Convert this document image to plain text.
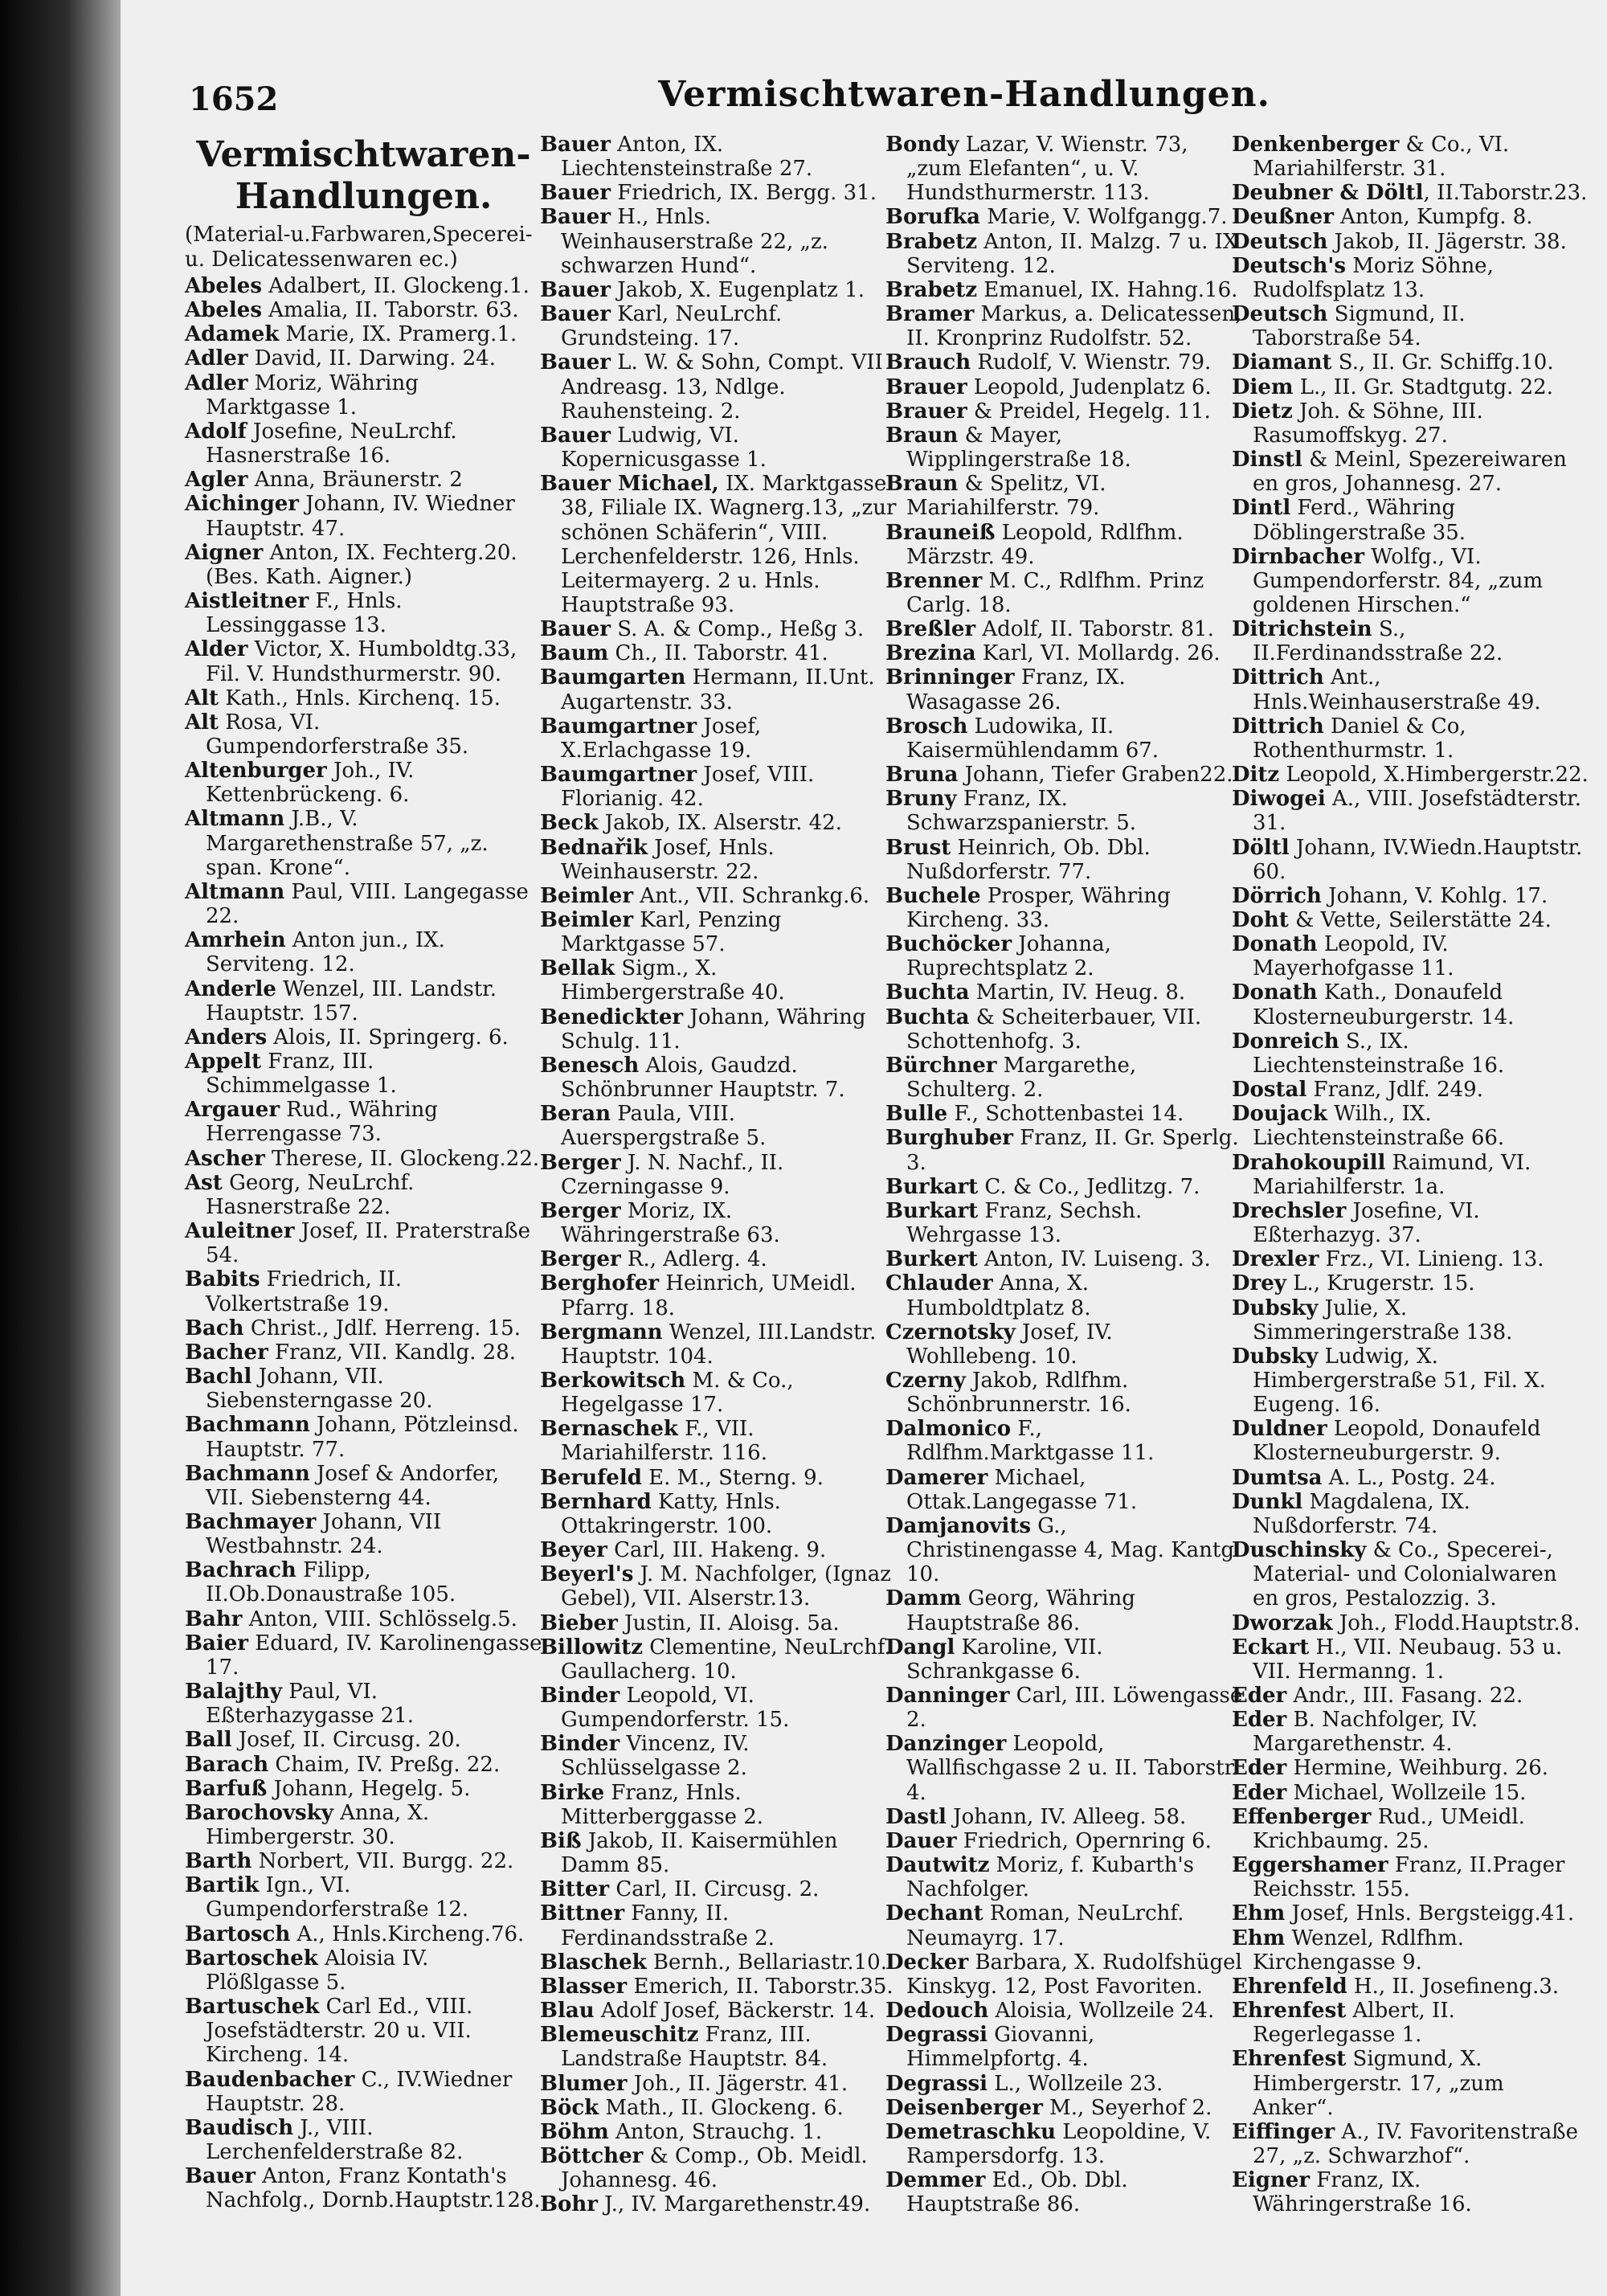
1652	Vermischtwaren-Handlungen.
Vermischtwaren-Handlungen.
(Material-u.Farbwaren,Specerei-u. Delicatessenwaren ec.)
Abeles Adalbert, II. Glockeng.1.
Abeles Amalia, II. Taborstr. 63.
Adamek Marie, IX. Pramerg.1.
Adler David, II. Darwing. 24.
Adler Moriz, Währing Marktgasse 1.
Adolf Josefine, NeuLrchf. Hasnerstraße 16.
Agler Anna, Bräunerstr. 2
Aichinger Johann, IV. Wiedner Hauptstr. 47.
Aigner Anton, IX. Fechterg.20. (Bes. Kath. Aigner.)
Aistleitner F., Hnls. Lessinggasse 13.
Alder Victor, X. Humboldtg.33, Fil. V. Hundsthurmerstr. 90.
Alt Kath., Hnls. Kirchenq. 15.
Alt Rosa, VI. Gumpendorferstraße 35.
Altenburger Joh., IV. Kettenbrückeng. 6.
Altmann J.B., V. Margarethenstraße 57, „z. span. Krone“.
Altmann Paul, VIII. Langegasse 22.
Amrhein Anton jun., IX. Serviteng. 12.
Anderle Wenzel, III. Landstr. Hauptstr. 157.
Anders Alois, II. Springerg. 6.
Appelt Franz, III. Schimmelgasse 1.
Argauer Rud., Währing Herrengasse 73.
Ascher Therese, II. Glockeng.22.
Ast Georg, NeuLrchf. Hasnerstraße 22.
Auleitner Josef, II. Praterstraße 54.
Babits Friedrich, II. Volkertstraße 19.
Bach Christ., Jdlf. Herreng. 15.
Bacher Franz, VII. Kandlg. 28.
Bachl Johann, VII. Siebensterngasse 20.
Bachmann Johann, Pötzleinsd. Hauptstr. 77.
Bachmann Josef & Andorfer, VII. Siebensterng 44.
Bachmayer Johann, VII Westbahnstr. 24.
Bachrach Filipp, II.Ob.Donaustraße 105.
Bahr Anton, VIII. Schlösselg.5.
Baier Eduard, IV. Karolinengasse 17.
Balajthy Paul, VI. Eßterhazygasse 21.
Ball Josef, II. Circusg. 20.
Barach Chaim, IV. Preßg. 22.
Barfuß Johann, Hegelg. 5.
Barochovsky Anna, X. Himbergerstr. 30.
Barth Norbert, VII. Burgg. 22.
Bartik Ign., VI. Gumpendorferstraße 12.
Bartosch A., Hnls.Kircheng.76.
Bartoschek Aloisia IV. Plößlgasse 5.
Bartuschek Carl Ed., VIII. Josefstädterstr. 20 u. VII. Kircheng. 14.
Baudenbacher C., IV.Wiedner Hauptstr. 28.
Baudisch J., VIII. Lerchenfelderstraße 82.
Bauer Anton, Franz Kontath's Nachfolg., Dornb.Hauptstr.128.
Bauer Anton, IX. Liechtensteinstraße 27.
Bauer Friedrich, IX. Bergg. 31.
Bauer H., Hnls. Weinhauserstraße 22, „z. schwarzen Hund“.
Bauer Jakob, X. Eugenplatz 1.
Bauer Karl, NeuLrchf. Grundsteing. 17.
Bauer L. W. & Sohn, Compt. VII Andreasg. 13, Ndlge. Rauhensteing. 2.
Bauer Ludwig, VI. Kopernicusgasse 1.
Bauer Michael, IX. Marktgasse 38, Filiale IX. Wagnerg.13, „zur schönen Schäferin“, VIII. Lerchenfelderstr. 126, Hnls. Leitermayerg. 2 u. Hnls. Hauptstraße 93.
Bauer S. A. & Comp., Heßg 3.
Baum Ch., II. Taborstr. 41.
Baumgarten Hermann, II.Unt. Augartenstr. 33.
Baumgartner Josef, X.Erlachgasse 19.
Baumgartner Josef, VIII. Florianig. 42.
Beck Jakob, IX. Alserstr. 42.
Bednařik Josef, Hnls. Weinhauserstr. 22.
Beimler Ant., VII. Schrankg.6.
Beimler Karl, Penzing Marktgasse 57.
Bellak Sigm., X. Himbergerstraße 40.
Benedickter Johann, Währing Schulg. 11.
Benesch Alois, Gaudzd. Schönbrunner Hauptstr. 7.
Beran Paula, VIII. Auerspergstraße 5.
Berger J. N. Nachf., II. Czerningasse 9.
Berger Moriz, IX. Währingerstraße 63.
Berger R., Adlerg. 4.
Berghofer Heinrich, UMeidl. Pfarrg. 18.
Bergmann Wenzel, III.Landstr. Hauptstr. 104.
Berkowitsch M. & Co., Hegelgasse 17.
Bernaschek F., VII. Mariahilferstr. 116.
Berufeld E. M., Sterng. 9.
Bernhard Katty, Hnls. Ottakringerstr. 100.
Beyer Carl, III. Hakeng. 9.
Beyerl's J. M. Nachfolger, (Ignaz Gebel), VII. Alserstr.13.
Bieber Justin, II. Aloisg. 5a.
Billowitz Clementine, NeuLrchf. Gaullacherg. 10.
Binder Leopold, VI. Gumpendorferstr. 15.
Binder Vincenz, IV. Schlüsselgasse 2.
Birke Franz, Hnls. Mitterberggasse 2.
Biß Jakob, II. Kaisermühlen Damm 85.
Bitter Carl, II. Circusg. 2.
Bittner Fanny, II. Ferdinandsstraße 2.
Blaschek Bernh., Bellariastr.10.
Blasser Emerich, II. Taborstr.35.
Blau Adolf Josef, Bäckerstr. 14.
Blemeuschitz Franz, III. Landstraße Hauptstr. 84.
Blumer Joh., II. Jägerstr. 41.
Böck Math., II. Glockeng. 6.
Böhm Anton, Strauchg. 1.
Böttcher & Comp., Ob. Meidl. Johannesg. 46.
Bohr J., IV. Margarethenstr.49.
Bondy Lazar, V. Wienstr. 73, „zum Elefanten“, u. V. Hundsthurmerstr. 113.
Borufka Marie, V. Wolfgangg.7.
Brabetz Anton, II. Malzg. 7 u. IX Serviteng. 12.
Brabetz Emanuel, IX. Hahng.16.
Bramer Markus, a. Delicatessen, II. Kronprinz Rudolfstr. 52.
Brauch Rudolf, V. Wienstr. 79.
Brauer Leopold, Judenplatz 6.
Brauer & Preidel, Hegelg. 11.
Braun & Mayer, Wipplingerstraße 18.
Braun & Spelitz, VI. Mariahilferstr. 79.
Brauneiß Leopold, Rdlfhm. Märzstr. 49.
Brenner M. C., Rdlfhm. Prinz Carlg. 18.
Breßler Adolf, II. Taborstr. 81.
Brezina Karl, VI. Mollardg. 26.
Brinninger Franz, IX. Wasagasse 26.
Brosch Ludowika, II. Kaisermühlendamm 67.
Bruna Johann, Tiefer Graben22.
Bruny Franz, IX. Schwarzspanierstr. 5.
Brust Heinrich, Ob. Dbl. Nußdorferstr. 77.
Buchele Prosper, Währing Kircheng. 33.
Buchöcker Johanna, Ruprechtsplatz 2.
Buchta Martin, IV. Heug. 8.
Buchta & Scheiterbauer, VII. Schottenhofg. 3.
Bürchner Margarethe, Schulterg. 2.
Bulle F., Schottenbastei 14.
Burghuber Franz, II. Gr. Sperlg. 3.
Burkart C. & Co., Jedlitzg. 7.
Burkart Franz, Sechsh. Wehrgasse 13.
Burkert Anton, IV. Luiseng. 3.
Chlauder Anna, X. Humboldtplatz 8.
Czernotsky Josef, IV. Wohllebeng. 10.
Czerny Jakob, Rdlfhm. Schönbrunnerstr. 16.
Dalmonico F., Rdlfhm.Marktgasse 11.
Damerer Michael, Ottak.Langegasse 71.
Damjanovits G., Christinengasse 4, Mag. Kantg. 10.
Damm Georg, Währing Hauptstraße 86.
Dangl Karoline, VII. Schrankgasse 6.
Danninger Carl, III. Löwengasse 2.
Danzinger Leopold, Wallfischgasse 2 u. II. Taborstr. 4.
Dastl Johann, IV. Alleeg. 58.
Dauer Friedrich, Opernring 6.
Dautwitz Moriz, f. Kubarth's Nachfolger.
Dechant Roman, NeuLrchf. Neumayrg. 17.
Decker Barbara, X. Rudolfshügel Kinskyg. 12, Post Favoriten.
Dedouch Aloisia, Wollzeile 24.
Degrassi Giovanni, Himmelpfortg. 4.
Degrassi L., Wollzeile 23.
Deisenberger M., Seyerhof 2.
Demetraschku Leopoldine, V. Rampersdorfg. 13.
Demmer Ed., Ob. Dbl. Hauptstraße 86.
Denkenberger & Co., VI. Mariahilferstr. 31.
Deubner & Döltl, II.Taborstr.23.
Deußner Anton, Kumpfg. 8.
Deutsch Jakob, II. Jägerstr. 38.
Deutsch's Moriz Söhne, Rudolfsplatz 13.
Deutsch Sigmund, II. Taborstraße 54.
Diamant S., II. Gr. Schiffg.10.
Diem L., II. Gr. Stadtgutg. 22.
Dietz Joh. & Söhne, III. Rasumoffskyg. 27.
Dinstl & Meinl, Spezereiwaren en gros, Johannesg. 27.
Dintl Ferd., Währing Döblingerstraße 35.
Dirnbacher Wolfg., VI. Gumpendorferstr. 84, „zum goldenen Hirschen.“
Ditrichstein S., II.Ferdinandsstraße 22.
Dittrich Ant., Hnls.Weinhauserstraße 49.
Dittrich Daniel & Co, Rothenthurmstr. 1.
Ditz Leopold, X.Himbergerstr.22.
Diwogei A., VIII. Josefstädterstr. 31.
Döltl Johann, IV.Wiedn.Hauptstr. 60.
Dörrich Johann, V. Kohlg. 17.
Doht & Vette, Seilerstätte 24.
Donath Leopold, IV. Mayerhofgasse 11.
Donath Kath., Donaufeld Klosterneuburgerstr. 14.
Donreich S., IX. Liechtensteinstraße 16.
Dostal Franz, Jdlf. 249.
Doujack Wilh., IX. Liechtensteinstraße 66.
Drahokoupill Raimund, VI. Mariahilferstr. 1a.
Drechsler Josefine, VI. Eßterhazyg. 37.
Drexler Frz., VI. Linieng. 13.
Drey L., Krugerstr. 15.
Dubsky Julie, X. Simmeringerstraße 138.
Dubsky Ludwig, X. Himbergerstraße 51, Fil. X. Eugeng. 16.
Duldner Leopold, Donaufeld Klosterneuburgerstr. 9.
Dumtsa A. L., Postg. 24.
Dunkl Magdalena, IX. Nußdorferstr. 74.
Duschinsky & Co., Specerei-, Material- und Colonialwaren en gros, Pestalozzig. 3.
Dworzak Joh., Flodd.Hauptstr.8.
Eckart H., VII. Neubaug. 53 u. VII. Hermanng. 1.
Eder Andr., III. Fasang. 22.
Eder B. Nachfolger, IV. Margarethenstr. 4.
Eder Hermine, Weihburg. 26.
Eder Michael, Wollzeile 15.
Effenberger Rud., UMeidl. Krichbaumg. 25.
Eggershamer Franz, II.Prager Reichsstr. 155.
Ehm Josef, Hnls. Bergsteigg.41.
Ehm Wenzel, Rdlfhm. Kirchengasse 9.
Ehrenfeld H., II. Josefineng.3.
Ehrenfest Albert, II. Regerlegasse 1.
Ehrenfest Sigmund, X. Himbergerstr. 17, „zum Anker“.
Eiffinger A., IV. Favoritenstraße 27, „z. Schwarzhof“.
Eigner Franz, IX. Währingerstraße 16.
